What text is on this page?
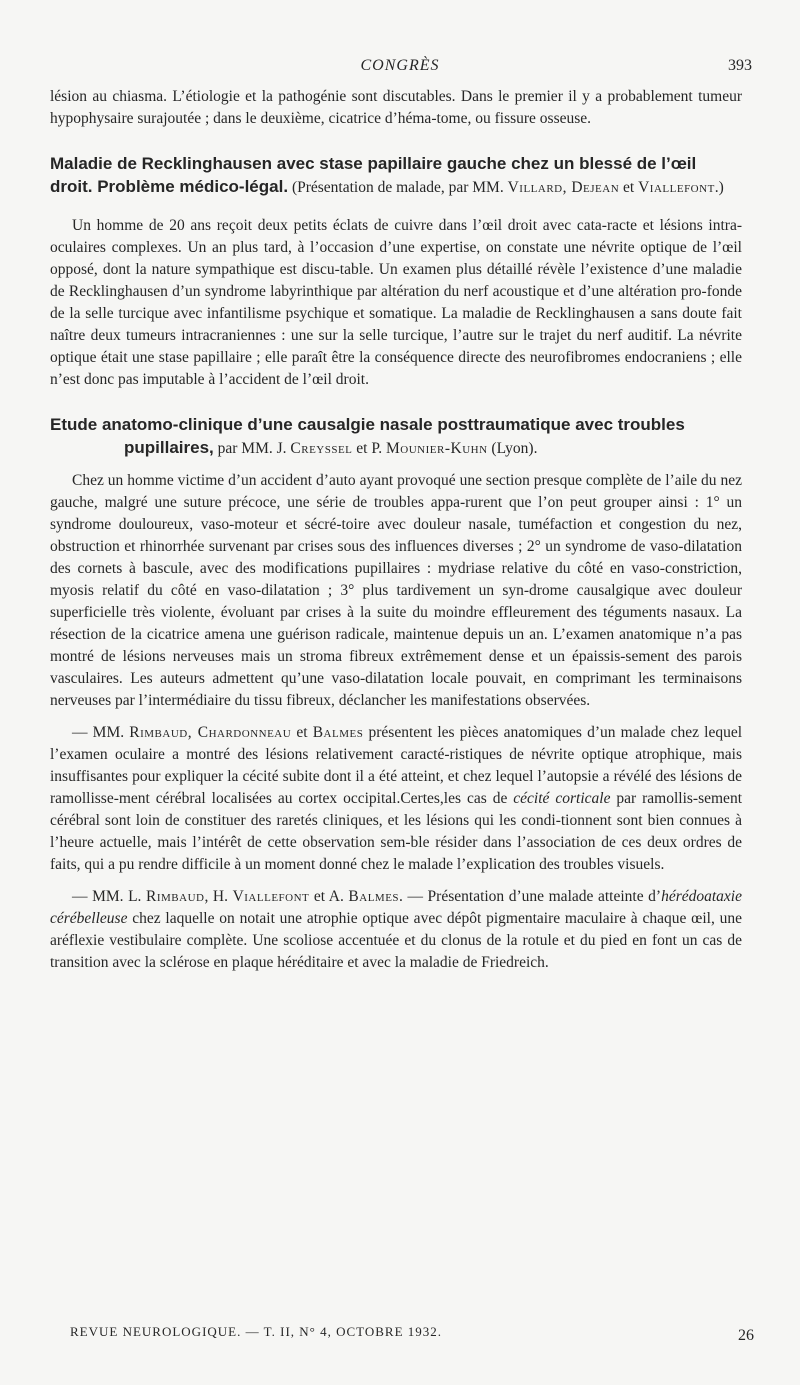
CONGRÈS	393

lésion au chiasma. L’étiologie et la pathogénie sont discutables. Dans le premier il y a probablement tumeur hypophysaire surajoutée ; dans le deuxième, cicatrice d’héma-tome, ou fissure osseuse.

Maladie de Recklinghausen avec stase papillaire gauche chez un blessé de l’œil droit. Problème médico-légal. (Présentation de malade, par MM. Villard, Dejean et Viallefont.)

Un homme de 20 ans reçoit deux petits éclats de cuivre dans l’œil droit avec cata-racte et lésions intra-oculaires complexes. Un an plus tard, à l’occasion d’une expertise, on constate une névrite optique de l’œil opposé, dont la nature sympathique est discu-table. Un examen plus détaillé révèle l’existence d’une maladie de Recklinghausen d’un syndrome labyrinthique par altération du nerf acoustique et d’une altération pro-fonde de la selle turcique avec infantilisme psychique et somatique. La maladie de Recklinghausen a sans doute fait naître deux tumeurs intracraniennes : une sur la selle turcique, l’autre sur le trajet du nerf auditif. La névrite optique était une stase papillaire ; elle paraît être la conséquence directe des neurofibromes endocraniens ; elle n’est donc pas imputable à l’accident de l’œil droit.

Etude anatomo-clinique d’une causalgie nasale posttraumatique avec troubles
pupillaires, par MM. J. Creyssel et P. Mounier-Kuhn (Lyon).

Chez un homme victime d’un accident d’auto ayant provoqué une section presque complète de l’aile du nez gauche, malgré une suture précoce, une série de troubles appa-rurent que l’on peut grouper ainsi : 1° un syndrome douloureux, vaso-moteur et sécré-toire avec douleur nasale, tuméfaction et congestion du nez, obstruction et rhinorrhée survenant par crises sous des influences diverses ; 2° un syndrome de vaso-dilatation des cornets à bascule, avec des modifications pupillaires : mydriase relative du côté en vaso-constriction, myosis relatif du côté en vaso-dilatation ; 3° plus tardivement un syn-drome causalgique avec douleur superficielle très violente, évoluant par crises à la suite du moindre effleurement des téguments nasaux. La résection de la cicatrice amena une guérison radicale, maintenue depuis un an. L’examen anatomique n’a pas montré de lésions nerveuses mais un stroma fibreux extrêmement dense et un épaissis-sement des parois vasculaires. Les auteurs admettent qu’une vaso-dilatation locale pouvait, en comprimant les terminaisons nerveuses par l’intermédiaire du tissu fibreux, déclancher les manifestations observées.

— MM. Rimbaud, Chardonneau et Balmes présentent les pièces anatomiques d’un malade chez lequel l’examen oculaire a montré des lésions relativement caracté-ristiques de névrite optique atrophique, mais insuffisantes pour expliquer la cécité subite dont il a été atteint, et chez lequel l’autopsie a révélé des lésions de ramollisse-ment cérébral localisées au cortex occipital.Certes,les cas de cécité corticale par ramollis-sement cérébral sont loin de constituer des raretés cliniques, et les lésions qui les condi-tionnent sont bien connues à l’heure actuelle, mais l’intérêt de cette observation sem-ble résider dans l’association de ces deux ordres de faits, qui a pu rendre difficile à un moment donné chez le malade l’explication des troubles visuels.

— MM. L. Rimbaud, H. Viallefont et A. Balmes. — Présentation d’une malade atteinte d’hérédoataxie cérébelleuse chez laquelle on notait une atrophie optique avec dépôt pigmentaire maculaire à chaque œil, une aréflexie vestibulaire complète. Une scoliose accentuée et du clonus de la rotule et du pied en font un cas de transition avec la sclérose en plaque héréditaire et avec la maladie de Friedreich.

REVUE NEUROLOGIQUE. — T. II, N° 4, OCTOBRE 1932.	26
